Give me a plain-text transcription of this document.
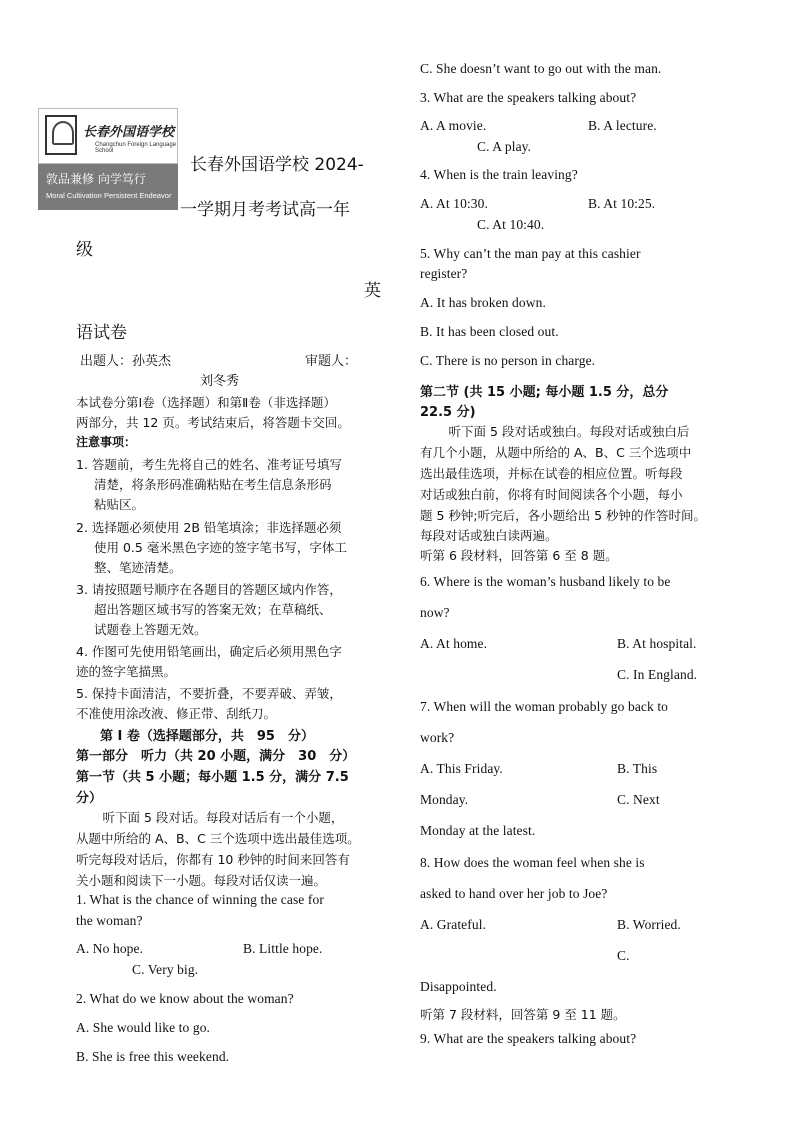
长春外国语学校
Changchun Foreign Language School
敦品兼修 向学笃行
Moral Cultivation Persistent Endeavor
长春外国语学校 2024-
一学期月考考试高一年
级
英
语试卷
出题人：孙英杰	审题人：
刘冬秀
本试卷分第Ⅰ卷（选择题）和第Ⅱ卷（非选择题）
两部分，共 12 页。考试结束后，将答题卡交回。
注意事项：
1. 答题前，考生先将自己的姓名、准考证号填写
清楚，将条形码准确粘贴在考生信息条形码
粘贴区。
2. 选择题必须使用 2B 铅笔填涂；非选择题必须
使用 0.5 毫米黑色字迹的签字笔书写，字体工
整、笔迹清楚。
3. 请按照题号顺序在各题目的答题区域内作答，
超出答题区域书写的答案无效；在草稿纸、
试题卷上答题无效。
4. 作图可先使用铅笔画出，确定后必须用黑色字
迹的签字笔描黑。
5. 保持卡面清洁，不要折叠，不要弄破、弄皱，
不准使用涂改液、修正带、刮纸刀。
第 I 卷（选择题部分，共　95　分）
第一部分　听力（共 20 小题，满分　30　分）
第一节（共 5 小题；每小题 1.5 分，满分 7.5
分）
　听下面 5 段对话。每段对话后有一个小题，
从题中所给的 A、B、C 三个选项中选出最佳选项。
听完每段对话后，你都有 10 秒钟的时间来回答有
关小题和阅读下一小题。每段对话仅读一遍。
1. What is the chance of winning the case for
the woman?
A. No hope.	B. Little hope.
C. Very big.
2. What do we know about the woman?
A. She would like to go.
B. She is free this weekend.
C. She doesn’t want to go out with the man.
3. What are the speakers talking about?
A. A movie.	B. A lecture.
C. A play.
4. When is the train leaving?
A. At 10:30.	B. At 10:25.
C. At 10:40.
5. Why can’t the man pay at this cashier
register?
A. It has broken down.
B. It has been closed out.
C. There is no person in charge.
第二节 (共 15 小题; 每小题 1.5 分，总分
22.5 分)
　听下面 5 段对话或独白。每段对话或独白后
有几个小题，从题中所给的 A、B、C 三个选项中
选出最佳选项，并标在试卷的相应位置。听每段
对话或独白前，你将有时间阅读各个小题，每小
题 5 秒钟;听完后，各小题给出 5 秒钟的作答时间。
每段对话或独白读两遍。
听第 6 段材料，回答第 6 至 8 题。
6. Where is the woman’s husband likely to be
now?
A. At home.	B. At hospital.
C. In England.
7. When will the woman probably go back to
work?
A. This Friday.	B. This
Monday.	C. Next
Monday at the latest.
8. How does the woman feel when she is
asked to hand over her job to Joe?
A. Grateful.	B. Worried.
C.
Disappointed.
听第 7 段材料，回答第 9 至 11 题。
9. What are the speakers talking about?
